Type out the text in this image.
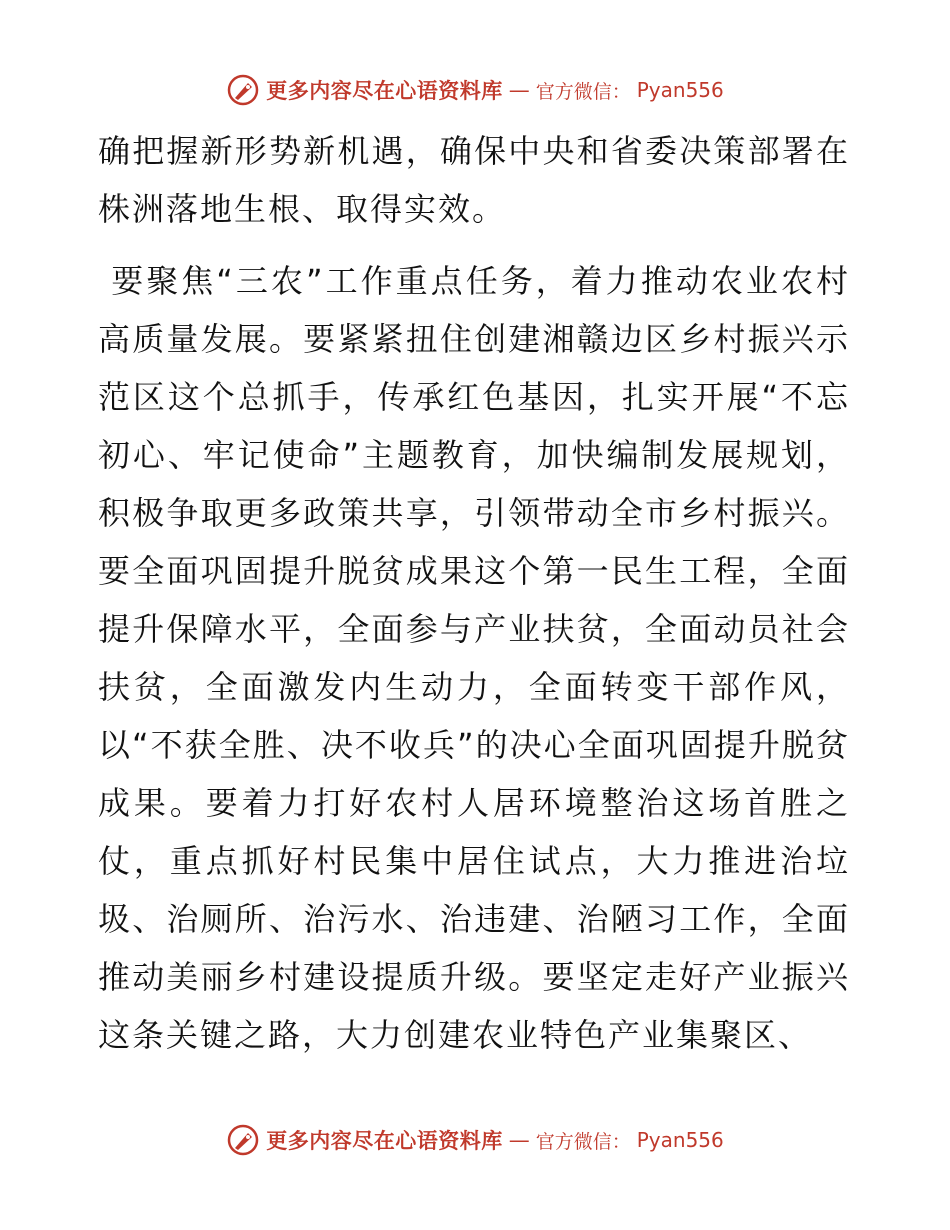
更多内容尽在心语资料库 — 官方微信： Pyan556

确把握新形势新机遇，确保中央和省委决策部署在株洲落地生根、取得实效。

要聚焦“三农”工作重点任务，着力推动农业农村高质量发展。要紧紧扭住创建湘赣边区乡村振兴示范区这个总抓手，传承红色基因，扎实开展“不忘初心、牢记使命”主题教育，加快编制发展规划，积极争取更多政策共享，引领带动全市乡村振兴。要全面巩固提升脱贫成果这个第一民生工程，全面提升保障水平，全面参与产业扶贫，全面动员社会扶贫，全面激发内生动力，全面转变干部作风，以“不获全胜、决不收兵”的决心全面巩固提升脱贫成果。要着力打好农村人居环境整治这场首胜之仗，重点抓好村民集中居住试点，大力推进治垃圾、治厕所、治污水、治违建、治陋习工作，全面推动美丽乡村建设提质升级。要坚定走好产业振兴这条关键之路，大力创建农业特色产业集聚区、

更多内容尽在心语资料库 — 官方微信： Pyan556
